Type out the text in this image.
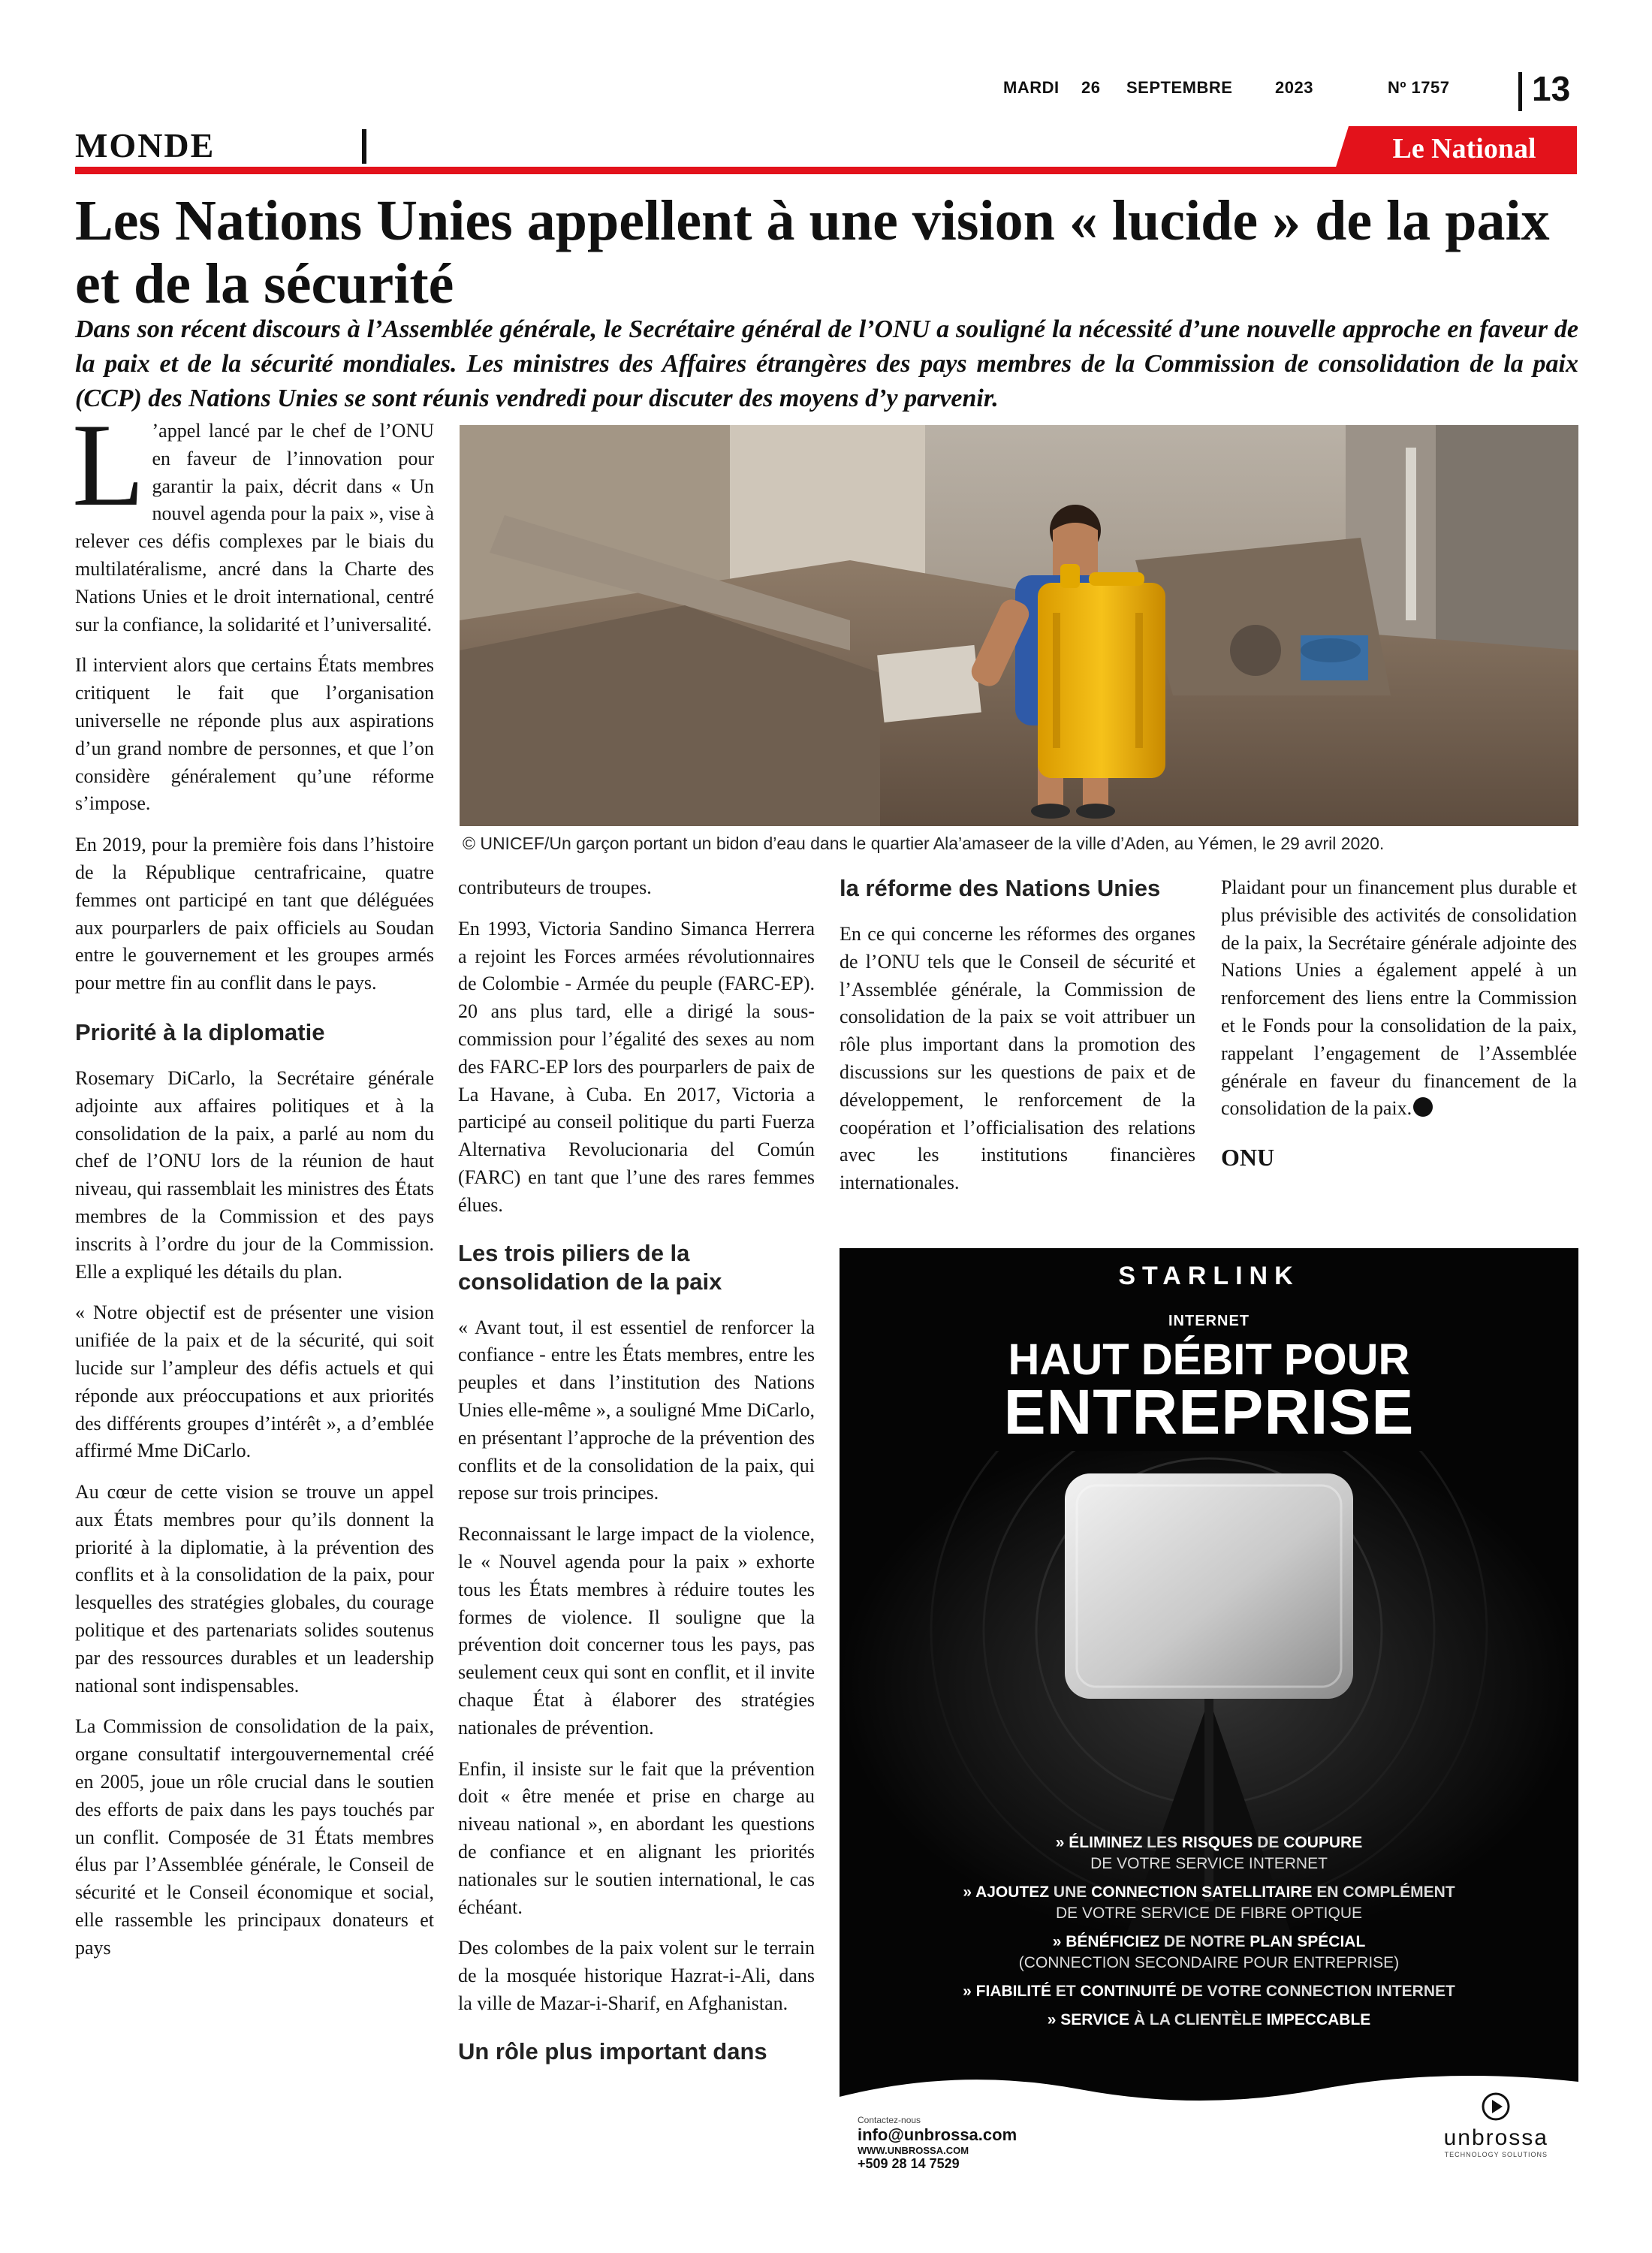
MARDI 26 SEPTEMBRE	2023	Nº 1757 13
MONDE	Le National
Les Nations Unies appellent à une vision « lucide » de la paix et de la sécurité

Dans son récent discours à l’Assemblée générale, le Secrétaire général de l’ONU a souligné la nécessité d’une nouvelle approche en faveur de la paix et de la sécurité mondiales. Les ministres des Affaires étrangères des pays membres de la Commission de consolidation de la paix (CCP) des Nations Unies se sont réunis vendredi pour discuter des moyens d’y parvenir.

L ’appel lancé par le chef de l’ONU en faveur de l’innovation pour garantir la paix, décrit dans « Un nouvel agenda pour la paix », vise à relever ces défis complexes par le biais du multilatéralisme, ancré dans la Charte des Nations Unies et le droit international, centré sur la confiance, la solidarité et l’universalité.

Il intervient alors que certains États membres critiquent le fait que l’organisation universelle ne réponde plus aux aspirations d’un grand nombre de personnes, et que l’on considère généralement qu’une réforme s’impose.

En 2019, pour la première fois dans l’histoire de la République centrafricaine, quatre femmes ont participé en tant que déléguées aux pourparlers de paix officiels au Soudan entre le gouvernement et les groupes armés pour mettre fin au conflit dans le pays.

Priorité à la diplomatie

Rosemary DiCarlo, la Secrétaire générale adjointe aux affaires politiques et à la consolidation de la paix, a parlé au nom du chef de l’ONU lors de la réunion de haut niveau, qui rassemblait les ministres des États membres de la Commission et des pays inscrits à l’ordre du jour de la Commission. Elle a expliqué les détails du plan.

« Notre objectif est de présenter une vision unifiée de la paix et de la sécurité, qui soit lucide sur l’ampleur des défis actuels et qui réponde aux préoccupations et aux priorités des différents groupes d’intérêt », a d’emblée affirmé Mme DiCarlo.

Au cœur de cette vision se trouve un appel aux États membres pour qu’ils donnent la priorité à la diplomatie, à la prévention des conflits et à la consolidation de la paix, pour lesquelles des stratégies globales, du courage politique et des partenariats solides soutenus par des ressources durables et un leadership national sont indispensables.

La Commission de consolidation de la paix, organe consultatif intergouvernemental créé en 2005, joue un rôle crucial dans le soutien des efforts de paix dans les pays touchés par un conflit. Composée de 31 États membres élus par l’Assemblée générale, le Conseil de sécurité et le Conseil économique et social, elle rassemble les principaux donateurs et pays

© UNICEF/Un garçon portant un bidon d’eau dans le quartier Ala’amaseer de la ville d’Aden, au Yémen, le 29 avril 2020.

contributeurs de troupes.

En 1993, Victoria Sandino Simanca Herrera a rejoint les Forces armées révolutionnaires de Colombie - Armée du peuple (FARC-EP). 20 ans plus tard, elle a dirigé la sous-commission pour l’égalité des sexes au nom des FARC-EP lors des pourparlers de paix de La Havane, à Cuba. En 2017, Victoria a participé au conseil politique du parti Fuerza Alternativa Revolucionaria del Común (FARC) en tant que l’une des rares femmes élues.

Les trois piliers de la consolidation de la paix

« Avant tout, il est essentiel de renforcer la confiance - entre les États membres, entre les peuples et dans l’institution des Nations Unies elle-même », a souligné Mme DiCarlo, en présentant l’approche de la prévention des conflits et de la consolidation de la paix, qui repose sur trois principes.

Reconnaissant le large impact de la violence, le « Nouvel agenda pour la paix » exhorte tous les États membres à réduire toutes les formes de violence. Il souligne que la prévention doit concerner tous les pays, pas seulement ceux qui sont en conflit, et il invite chaque État à élaborer des stratégies nationales de prévention.

Enfin, il insiste sur le fait que la prévention doit « être menée et prise en charge au niveau national », en abordant les questions de confiance et en alignant les priorités nationales sur le soutien international, le cas échéant.

Des colombes de la paix volent sur le terrain de la mosquée historique Hazrat-i-Ali, dans la ville de Mazar-i-Sharif, en Afghanistan.

Un rôle plus important dans
la réforme des Nations Unies

En ce qui concerne les réformes des organes de l’ONU tels que le Conseil de sécurité et l’Assemblée générale, la Commission de consolidation de la paix se voit attribuer un rôle plus important dans la promotion des discussions sur les questions de paix et de développement, le renforcement de la coopération et l’officialisation des relations avec les institutions financières internationales.

Plaidant pour un financement plus durable et plus prévisible des activités de consolidation de la paix, la Secrétaire générale adjointe des Nations Unies a également appelé à un renforcement des liens entre la Commission et le Fonds pour la consolidation de la paix, rappelant l’engagement de l’Assemblée générale en faveur du financement de la consolidation de la paix.

ONU
STARLINK
INTERNET
HAUT DÉBIT POUR
ENTREPRISE
» ÉLIMINEZ LES RISQUES DE COUPURE
DE VOTRE SERVICE INTERNET
» AJOUTEZ UNE CONNECTION SATELLITAIRE EN COMPLÉMENT
DE VOTRE SERVICE DE FIBRE OPTIQUE
» BÉNÉFICIEZ DE NOTRE PLAN SPÉCIAL
(CONNECTION SECONDAIRE POUR ENTREPRISE)
» FIABILITÉ ET CONTINUITÉ DE VOTRE CONNECTION INTERNET
» SERVICE À LA CLIENTÈLE IMPECCABLE
Contactez-nous
info@unbrossa.com
WWW.UNBROSSA.COM
+509 28 14 7529
unbrossa
TECHNOLOGY SOLUTIONS
